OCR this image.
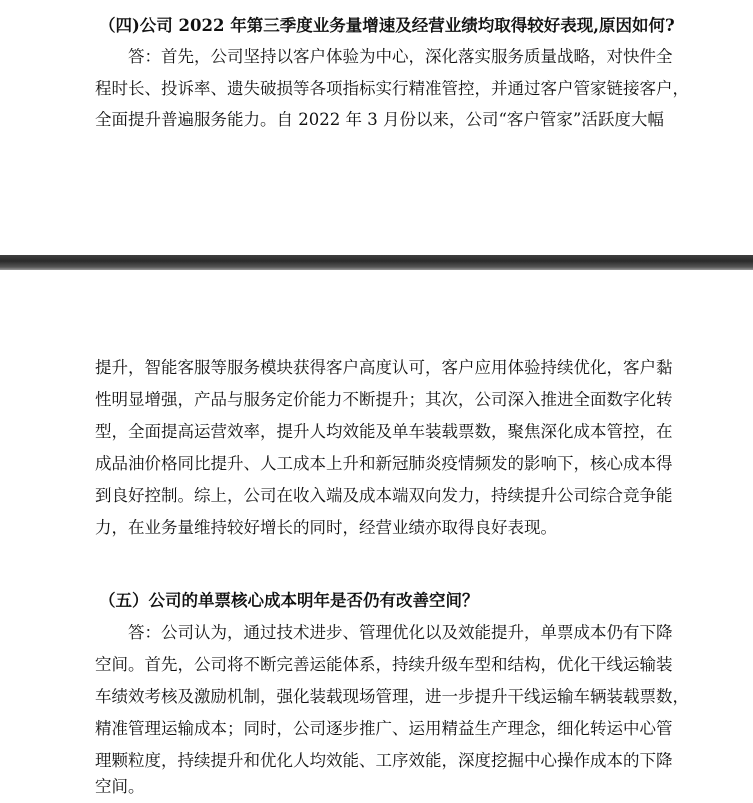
（四)公司 2022 年第三季度业务量增速及经营业绩均取得较好表现,原因如何?
答：首先，公司坚持以客户体验为中心，深化落实服务质量战略，对快件全
程时长、投诉率、遗失破损等各项指标实行精准管控，并通过客户管家链接客户，
全面提升普遍服务能力。自 2022 年 3 月份以来，公司“客户管家”活跃度大幅
提升，智能客服等服务模块获得客户高度认可，客户应用体验持续优化，客户黏
性明显增强，产品与服务定价能力不断提升；其次，公司深入推进全面数字化转
型，全面提高运营效率，提升人均效能及单车装载票数，聚焦深化成本管控，在
成品油价格同比提升、人工成本上升和新冠肺炎疫情频发的影响下，核心成本得
到良好控制。综上，公司在收入端及成本端双向发力，持续提升公司综合竞争能
力，在业务量维持较好增长的同时，经营业绩亦取得良好表现。
（五）公司的单票核心成本明年是否仍有改善空间？
答：公司认为，通过技术进步、管理优化以及效能提升，单票成本仍有下降
空间。首先，公司将不断完善运能体系，持续升级车型和结构，优化干线运输装
车绩效考核及激励机制，强化装载现场管理，进一步提升干线运输车辆装载票数，
精准管理运输成本；同时，公司逐步推广、运用精益生产理念，细化转运中心管
理颗粒度，持续提升和优化人均效能、工序效能，深度挖掘中心操作成本的下降
空间。
